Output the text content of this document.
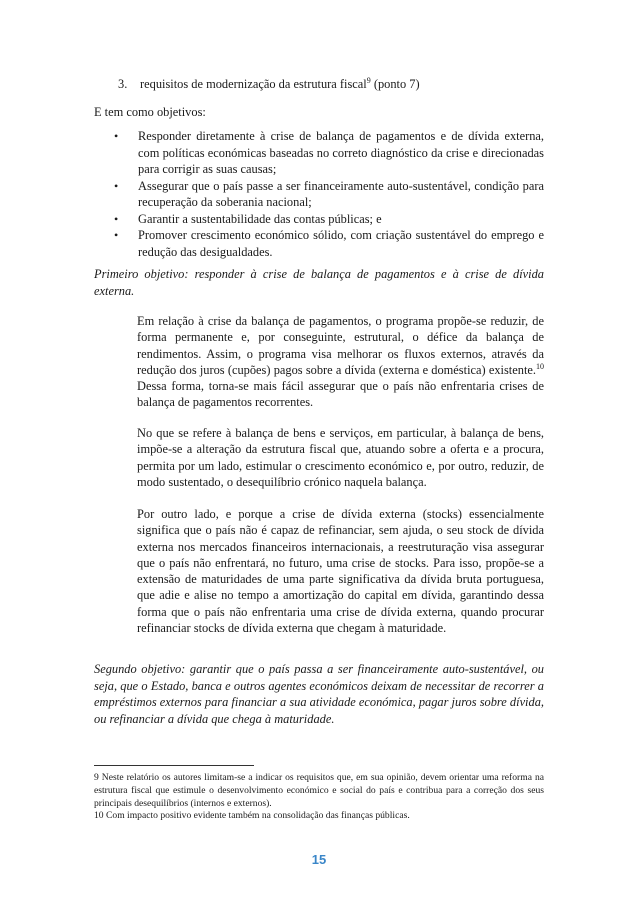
3. requisitos de modernização da estrutura fiscal$^9$ (ponto 7)
E tem como objetivos:
• Responder diretamente à crise de balança de pagamentos e de dívida externa, com políticas económicas baseadas no correto diagnóstico da crise e direcionadas para corrigir as suas causas;
• Assegurar que o país passe a ser financeiramente auto-sustentável, condição para recuperação da soberania nacional;
• Garantir a sustentabilidade das contas públicas; e
• Promover crescimento económico sólido, com criação sustentável do emprego e redução das desigualdades.
Primeiro objetivo: responder à crise de balança de pagamentos e à crise de dívida externa.
Em relação à crise da balança de pagamentos, o programa propõe-se reduzir, de forma permanente e, por conseguinte, estrutural, o défice da balança de rendimentos. Assim, o programa visa melhorar os fluxos externos, através da redução dos juros (cupões) pagos sobre a dívida (externa e doméstica) existente.$^{10}$ Dessa forma, torna-se mais fácil assegurar que o país não enfrentaria crises de balança de pagamentos recorrentes.
No que se refere à balança de bens e serviços, em particular, à balança de bens, impõe-se a alteração da estrutura fiscal que, atuando sobre a oferta e a procura, permita por um lado, estimular o crescimento económico e, por outro, reduzir, de modo sustentado, o desequilíbrio crónico naquela balança.
Por outro lado, e porque a crise de dívida externa (stocks) essencialmente significa que o país não é capaz de refinanciar, sem ajuda, o seu stock de dívida externa nos mercados financeiros internacionais, a reestruturação visa assegurar que o país não enfrentará, no futuro, uma crise de stocks. Para isso, propõe-se a extensão de maturidades de uma parte significativa da dívida bruta portuguesa, que adie e alise no tempo a amortização do capital em dívida, garantindo dessa forma que o país não enfrentaria uma crise de dívida externa, quando procurar refinanciar stocks de dívida externa que chegam à maturidade.
Segundo objetivo: garantir que o país passa a ser financeiramente auto-sustentável, ou seja, que o Estado, banca e outros agentes económicos deixam de necessitar de recorrer a empréstimos externos para financiar a sua atividade económica, pagar juros sobre dívida, ou refinanciar a dívida que chega à maturidade.
9 Neste relatório os autores limitam-se a indicar os requisitos que, em sua opinião, devem orientar uma reforma na estrutura fiscal que estimule o desenvolvimento económico e social do país e contribua para a correção dos seus principais desequilíbrios (internos e externos).
10 Com impacto positivo evidente também na consolidação das finanças públicas.
15
